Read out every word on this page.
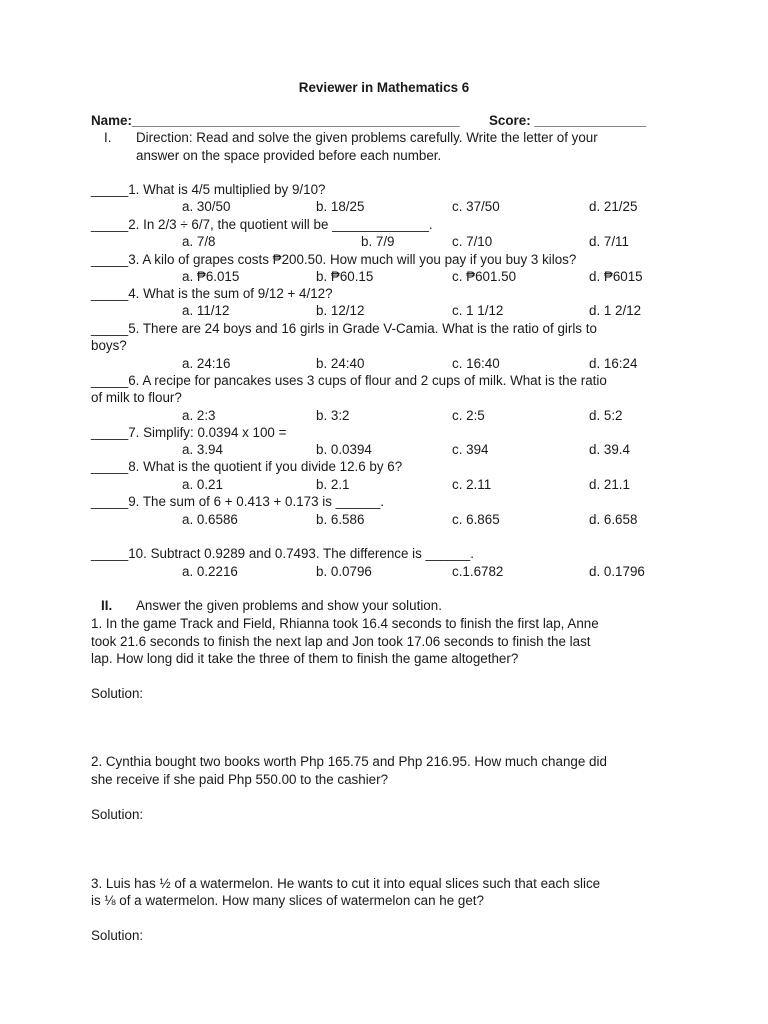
Reviewer in Mathematics 6
Name:____________________________________________ Score: _______________
I. Direction: Read and solve the given problems carefully. Write the letter of your
answer on the space provided before each number.
_____1. What is 4/5 multiplied by 9/10?
a. 30/50	b. 18/25	c. 37/50	d. 21/25
_____2. In 2/3 ÷ 6/7, the quotient will be _____________.
a. 7/8	b. 7/9	c. 7/10	d. 7/11
_____3. A kilo of grapes costs ₱200.50. How much will you pay if you buy 3 kilos?
a. ₱6.015	b. ₱60.15	c. ₱601.50	d. ₱6015
_____4. What is the sum of 9/12 + 4/12?
a. 11/12	b. 12/12	c. 1 1/12	d. 1 2/12
_____5. There are 24 boys and 16 girls in Grade V-Camia. What is the ratio of girls to
boys?
a. 24:16	b. 24:40	c. 16:40	d. 16:24
_____6. A recipe for pancakes uses 3 cups of flour and 2 cups of milk. What is the ratio
of milk to flour?
a. 2:3	b. 3:2	c. 2:5	d. 5:2
_____7. Simplify: 0.0394 x 100 =
a. 3.94	b. 0.0394	c. 394	d. 39.4
_____8. What is the quotient if you divide 12.6 by 6?
a. 0.21	b. 2.1	c. 2.11	d. 21.1
_____9. The sum of 6 + 0.413 + 0.173 is ______.
a. 0.6586	b. 6.586	c. 6.865	d. 6.658
_____10. Subtract 0.9289 and 0.7493. The difference is ______.
a. 0.2216	b. 0.0796	c.1.6782	d. 0.1796
II. Answer the given problems and show your solution.
1. In the game Track and Field, Rhianna took 16.4 seconds to finish the first lap, Anne
took 21.6 seconds to finish the next lap and Jon took 17.06 seconds to finish the last
lap. How long did it take the three of them to finish the game altogether?
Solution:
2. Cynthia bought two books worth Php 165.75 and Php 216.95. How much change did
she receive if she paid Php 550.00 to the cashier?
Solution:
3. Luis has ½ of a watermelon. He wants to cut it into equal slices such that each slice
is ⅛ of a watermelon. How many slices of watermelon can he get?
Solution:
